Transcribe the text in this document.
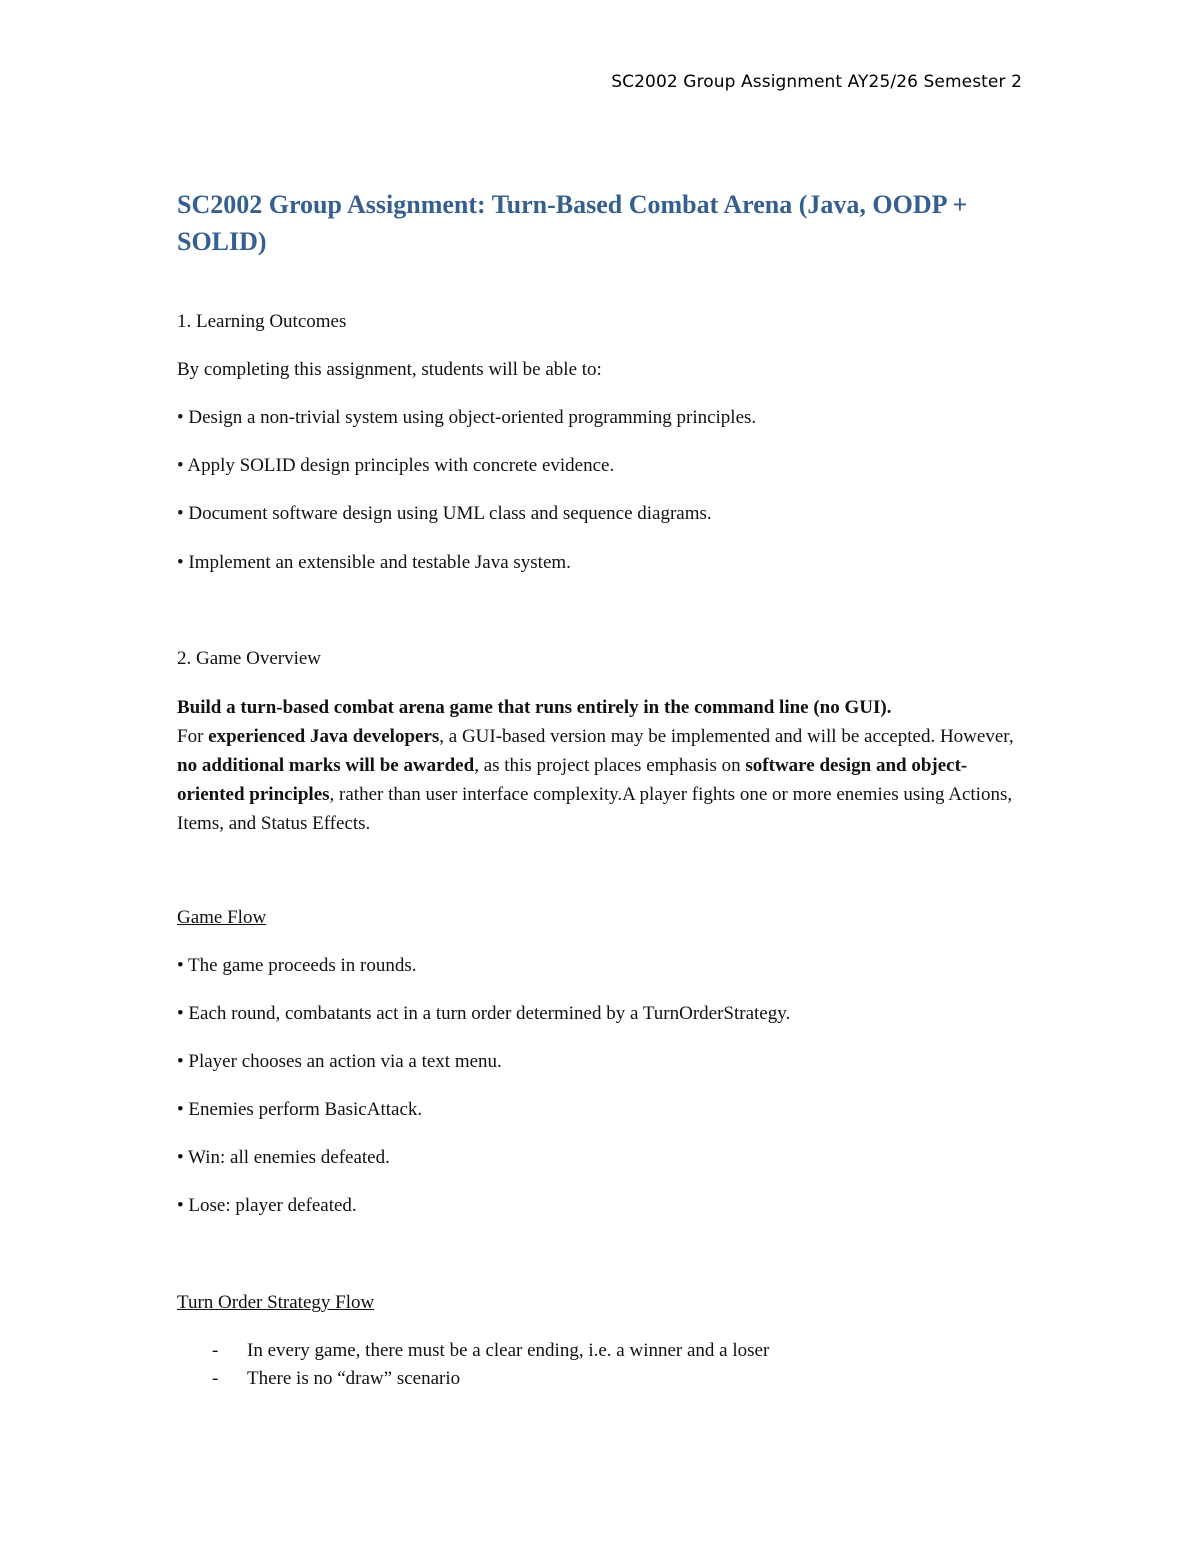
SC2002 Group Assignment AY25/26 Semester 2

SC2002 Group Assignment: Turn-Based Combat Arena (Java, OODP +

SOLID)

1. Learning Outcomes

By completing this assignment, students will be able to:

• Design a non-trivial system using object-oriented programming principles.

• Apply SOLID design principles with concrete evidence.

• Document software design using UML class and sequence diagrams.

• Implement an extensible and testable Java system.

2. Game Overview

Build a turn-based combat arena game that runs entirely in the command line (no GUI).

For experienced Java developers, a GUI-based version may be implemented and will be accepted. However, no additional marks will be awarded, as this project places emphasis on software design and object-oriented principles, rather than user interface complexity.A player fights one or more enemies using Actions, Items, and Status Effects.

Game Flow

• The game proceeds in rounds.

• Each round, combatants act in a turn order determined by a TurnOrderStrategy.

• Player chooses an action via a text menu.

• Enemies perform BasicAttack.

• Win: all enemies defeated.

• Lose: player defeated.

Turn Order Strategy Flow

- In every game, there must be a clear ending, i.e. a winner and a loser
- There is no “draw” scenario
